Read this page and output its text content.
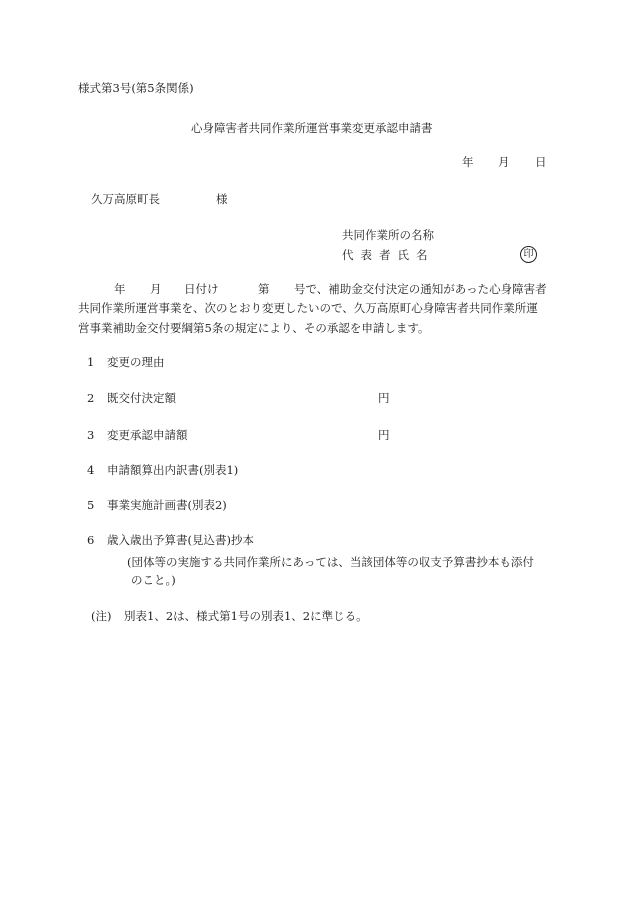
様式第3号(第5条関係)
心身障害者共同作業所運営事業変更承認申請書
年 月 日
久万高原町長	様
共同作業所の名称
代表者氏名	印
年 月 日付け	第 号で、補助金交付決定の通知があった心身障害者
共同作業所運営事業を、次のとおり変更したいので、久万高原町心身障害者共同作業所運
営事業補助金交付要綱第5条の規定により、その承認を申請します。
1 変更の理由
2 既交付決定額	円
3 変更承認申請額	円
4 申請額算出内訳書(別表1)
5 事業実施計画書(別表2)
6 歳入歳出予算書(見込書)抄本
(団体等の実施する共同作業所にあっては、当該団体等の収支予算書抄本も添付
のこと。)
(注) 別表1、2は、様式第1号の別表1、2に準じる。
